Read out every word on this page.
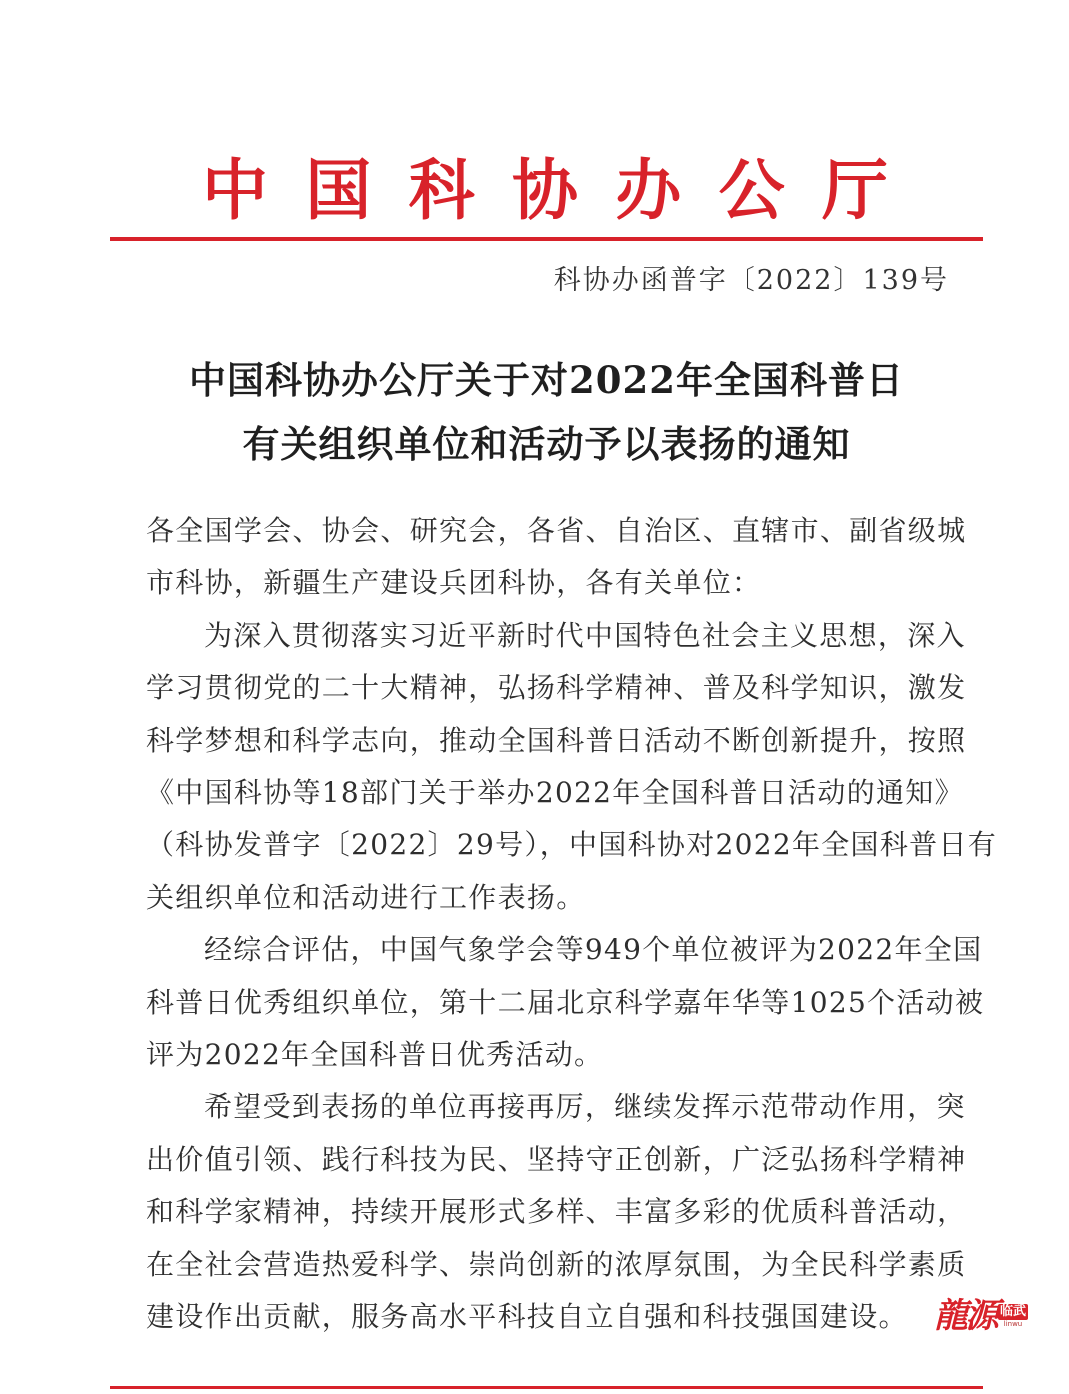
中 国 科 协 办 公 厅
科协办函普字〔2022〕139号
中国科协办公厅关于对2022年全国科普日
有关组织单位和活动予以表扬的通知
各全国学会、协会、研究会，各省、自治区、直辖市、副省级城
市科协，新疆生产建设兵团科协，各有关单位：
为深入贯彻落实习近平新时代中国特色社会主义思想，深入
学习贯彻党的二十大精神，弘扬科学精神、普及科学知识，激发
科学梦想和科学志向，推动全国科普日活动不断创新提升，按照
《中国科协等18部门关于举办2022年全国科普日活动的通知》
（科协发普字〔2022〕29号），中国科协对2022年全国科普日有
关组织单位和活动进行工作表扬。
经综合评估，中国气象学会等949个单位被评为2022年全国
科普日优秀组织单位，第十二届北京科学嘉年华等1025个活动被
评为2022年全国科普日优秀活动。
希望受到表扬的单位再接再厉，继续发挥示范带动作用，突
出价值引领、践行科技为民、坚持守正创新，广泛弘扬科学精神
和科学家精神，持续开展形式多样、丰富多彩的优质科普活动，
在全社会营造热爱科学、崇尚创新的浓厚氛围，为全民科学素质
建设作出贡献，服务高水平科技自立自强和科技强国建设。 龍源 临武
linwu
